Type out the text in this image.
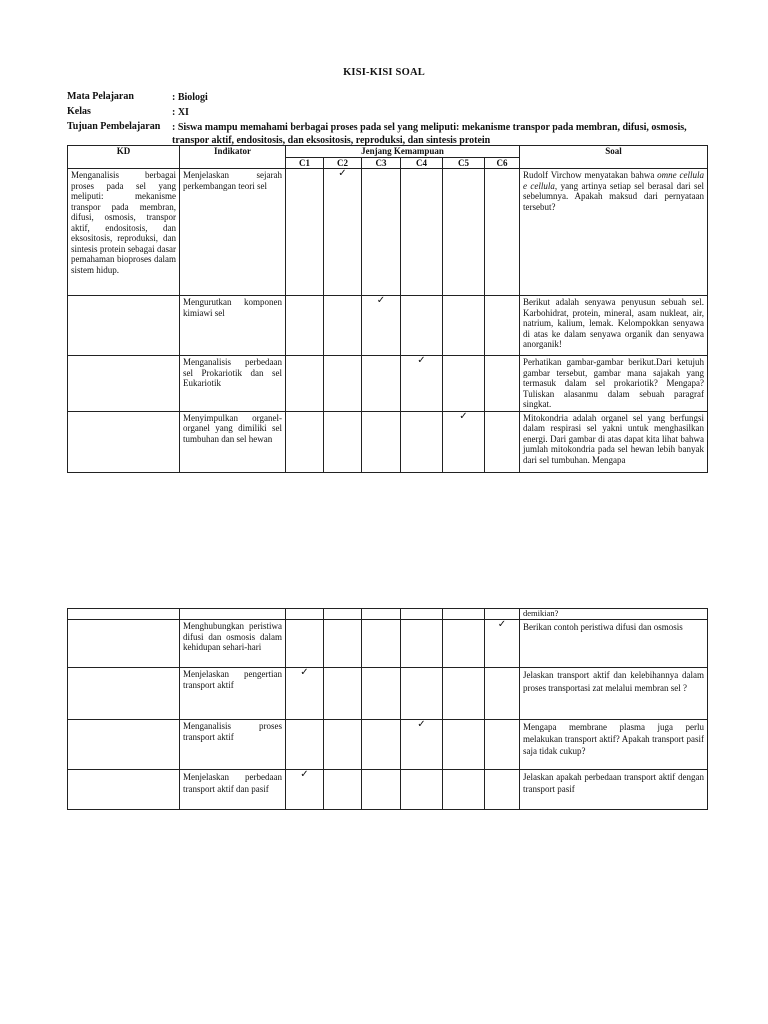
KISI-KISI SOAL
Mata Pelajaran	: Biologi
Kelas	: XI
Tujuan Pembelajaran : Siswa mampu memahami berbagai proses pada sel yang meliputi: mekanisme transpor pada membran, difusi, osmosis, transpor aktif, endositosis, dan eksositosis, reproduksi, dan sintesis protein
KD	Indikator	Jenjang Kemampuan						Soal
		C1	C2	C3	C4	C5	C6	
Menganalisis berbagai proses pada sel yang meliputi: mekanisme transpor pada membran, difusi, osmosis, transpor aktif, endositosis, dan eksositosis, reproduksi, dan sintesis protein sebagai dasar pemahaman bioproses dalam sistem hidup.	Menjelaskan sejarah perkembangan teori sel		✓					Rudolf Virchow menyatakan bahwa omne cellula e cellula, yang artinya setiap sel berasal dari sel sebelumnya. Apakah maksud dari pernyataan tersebut?
	Mengurutkan komponen kimiawi sel			✓				Berikut adalah senyawa penyusun sebuah sel. Karbohidrat, protein, mineral, asam nukleat, air, natrium, kalium, lemak. Kelompokkan senyawa di atas ke dalam senyawa organik dan senyawa anorganik!
	Menganalisis perbedaan sel Prokariotik dan sel Eukariotik				✓			Perhatikan gambar-gambar berikut.Dari ketujuh gambar tersebut, gambar mana sajakah yang termasuk dalam sel prokariotik? Mengapa? Tuliskan alasanmu dalam sebuah paragraf singkat.
	Menyimpulkan organel-organel yang dimiliki sel tumbuhan dan sel hewan					✓		Mitokondria adalah organel sel yang berfungsi dalam respirasi sel yakni untuk menghasilkan energi. Dari gambar di atas dapat kita lihat bahwa jumlah mitokondria pada sel hewan lebih banyak dari sel tumbuhan. Mengapa
								demikian?
	Menghubungkan peristiwa difusi dan osmosis dalam kehidupan sehari-hari						✓	Berikan contoh peristiwa difusi dan osmosis
	Menjelaskan pengertian transport aktif	✓						Jelaskan transport aktif dan kelebihannya dalam proses transportasi zat melalui membran sel ?
	Menganalisis proses transport aktif				✓			Mengapa membrane plasma juga perlu melakukan transport aktif? Apakah transport pasif saja tidak cukup?
	Menjelaskan perbedaan transport aktif dan pasif	✓						Jelaskan apakah perbedaan transport aktif dengan transport pasif
